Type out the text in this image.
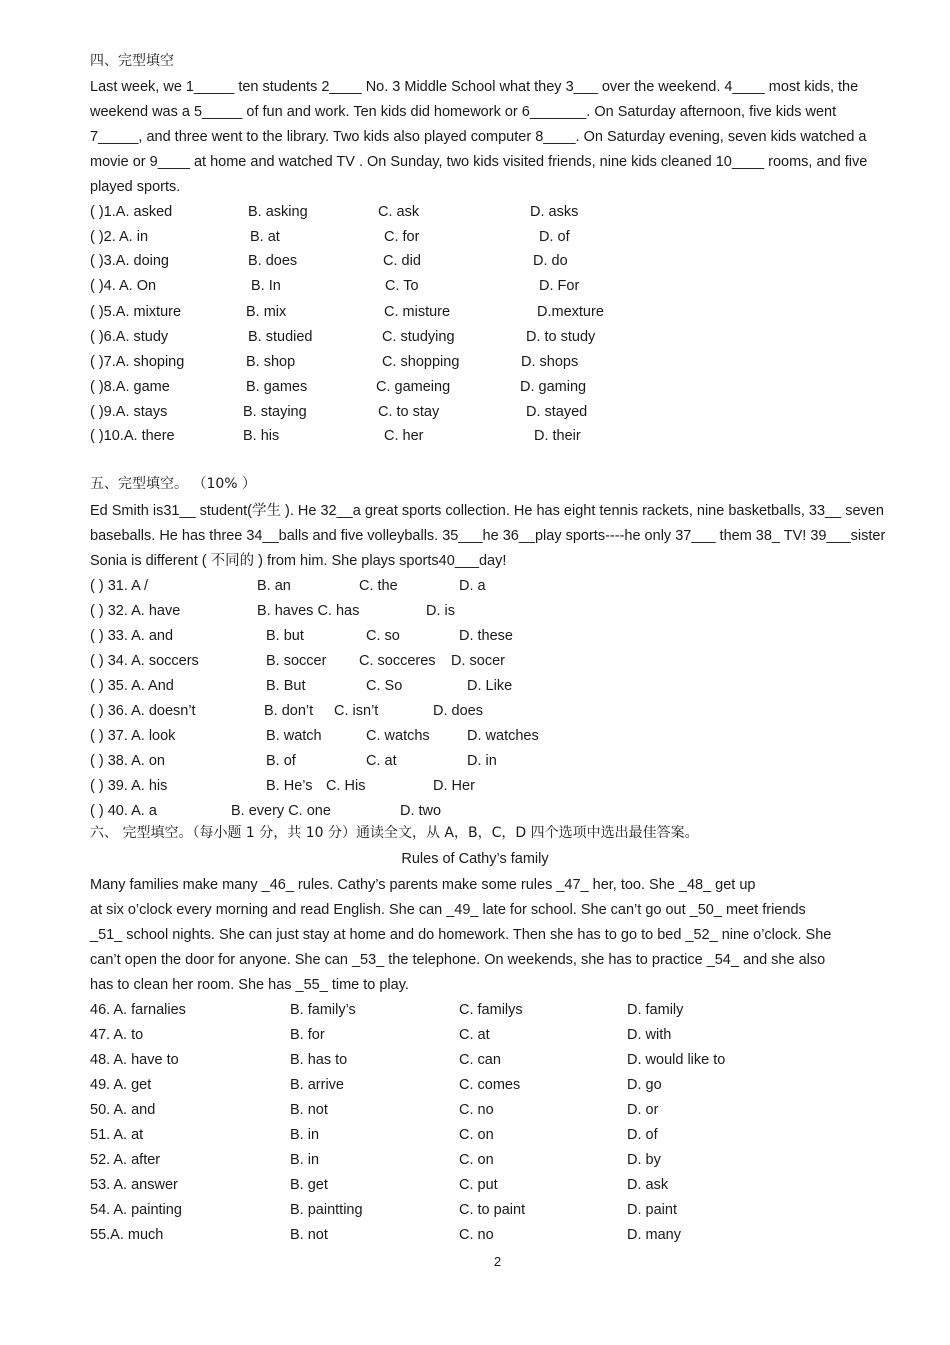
四、完型填空
Last week, we 1_____ ten students 2____ No. 3 Middle School what they 3___ over the weekend. 4____ most kids, the
weekend was a 5_____ of fun and work. Ten kids did homework or 6_______. On Saturday afternoon, five kids went
7_____, and three went to the library. Two kids also played computer 8____. On Saturday evening, seven kids watched a
movie or 9____ at home and watched TV . On Sunday, two kids visited friends, nine kids cleaned 10____ rooms, and five
played sports.
( )1.A. asked	B. asking	C. ask	D. asks
( )2. A. in	B. at	C. for	D. of
( )3.A. doing	B. does	C. did	D. do
( )4. A. On	B. In	C. To	D. For
( )5.A. mixture	B. mix	C. misture	D.mexture
( )6.A. study	B. studied	C. studying	D. to study
( )7.A. shoping	B. shop	C. shopping	D. shops
( )8.A. game	B. games	C. gameing	D. gaming
( )9.A. stays	B. staying	C. to stay	D. stayed
( )10.A. there	B. his	C. her	D. their
五、完型填空。 （10% ）
Ed Smith is31__ student(学生 ). He 32__a great sports collection. He has eight tennis rackets, nine basketballs, 33__ seven
baseballs. He has three 34__balls and five volleyballs. 35___he 36__play sports----he only 37___ them 38_ TV! 39___sister
Sonia is different ( 不同的 ) from him. She plays sports40___day!
( ) 31. A /	B. an	C. the	D. a
( ) 32. A. have	B. haves C. has	D. is
( ) 33. A. and	B. but	C. so	D. these
( ) 34. A. soccers	B. soccer C. socceres D. socer
( ) 35. A. And	B. But	C. So	D. Like
( ) 36. A. doesn’t	B. don’t C. isn’t	D. does
( ) 37. A. look	B. watch	C. watchs	D. watches
( ) 38. A. on	B. of	C. at	D. in
( ) 39. A. his	B. He’s C. His	D. Her
( ) 40. A. a	B. every C. one	D. two
六、 完型填空。（每小题 1 分，共 10 分）通读全文，从 A，B，C，D 四个选项中选出最佳答案。
Rules of Cathy’s family
Many families make many _46_ rules. Cathy’s parents make some rules _47_ her, too. She _48_ get up
at six o’clock every morning and read English. She can _49_ late for school. She can’t go out _50_ meet friends
_51_ school nights. She can just stay at home and do homework. Then she has to go to bed _52_ nine o’clock. She
can’t open the door for anyone. She can _53_ the telephone. On weekends, she has to practice _54_ and she also
has to clean her room. She has _55_ time to play.
46. A. farnalies	B. family’s	C. familys	D. family
47. A. to	B. for	C. at	D. with
48. A. have to	B. has to	C. can	D. would like to
49. A. get	B. arrive	C. comes	D. go
50. A. and	B. not	C. no	D. or
51. A. at	B. in	C. on	D. of
52. A. after	B. in	C. on	D. by
53. A. answer	B. get	C. put	D. ask
54. A. painting	B. paintting	C. to paint	D. paint
55.A. much	B. not	C. no	D. many
2
